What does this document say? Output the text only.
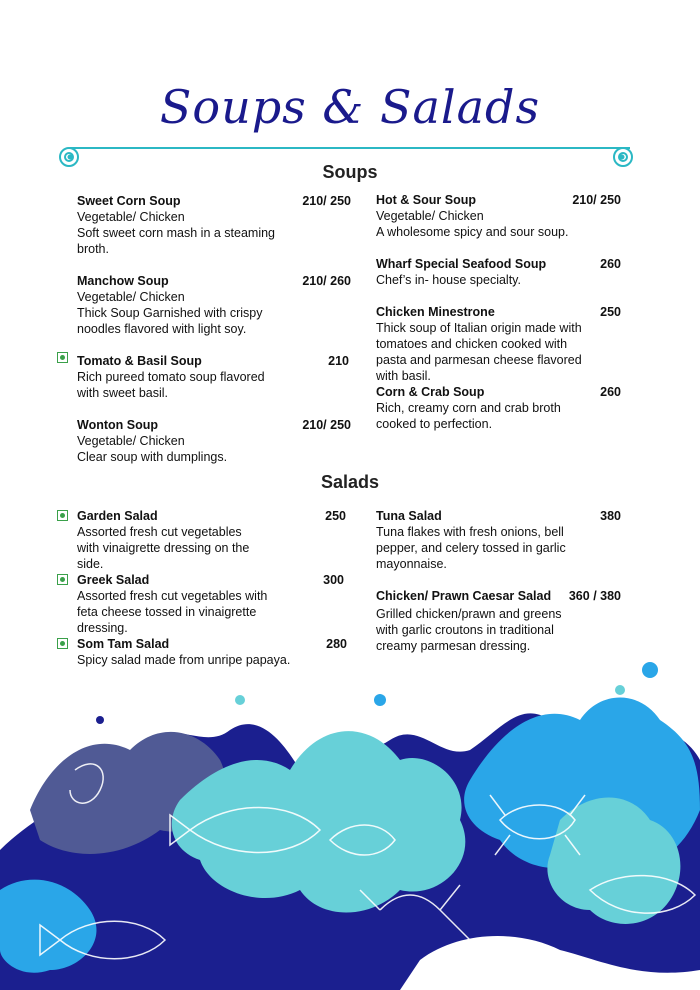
Soups & Salads
Soups
Sweet Corn Soup	210/ 250
Vegetable/ Chicken
Soft sweet corn mash in a steaming broth.
Manchow Soup	210/ 260
Vegetable/ Chicken
Thick Soup Garnished with crispy noodles flavored with light soy.
Tomato & Basil Soup	210
Rich pureed tomato soup flavored with sweet basil.
Wonton Soup	210/ 250
Vegetable/ Chicken
Clear soup with dumplings.
Hot & Sour Soup	210/ 250
Vegetable/ Chicken
A wholesome spicy and sour soup.
Wharf Special Seafood Soup	260
Chef’s in- house specialty.
Chicken Minestrone	250
Thick soup of Italian origin made with tomatoes and chicken cooked with pasta and parmesan cheese flavored with basil.
Corn & Crab Soup	260
Rich, creamy corn and crab broth cooked to perfection.
Salads
Garden Salad	250
Assorted fresh cut vegetables with vinaigrette dressing on the side.
Greek Salad	300
Assorted fresh cut vegetables with feta cheese tossed in vinaigrette dressing.
Som Tam Salad	280
Spicy salad made from unripe papaya.
Tuna Salad	380
Tuna flakes with fresh onions, bell pepper, and celery tossed in garlic mayonnaise.
Chicken/ Prawn Caesar Salad 360 / 380
Grilled chicken/prawn and greens with garlic croutons in traditional creamy parmesan dressing.
